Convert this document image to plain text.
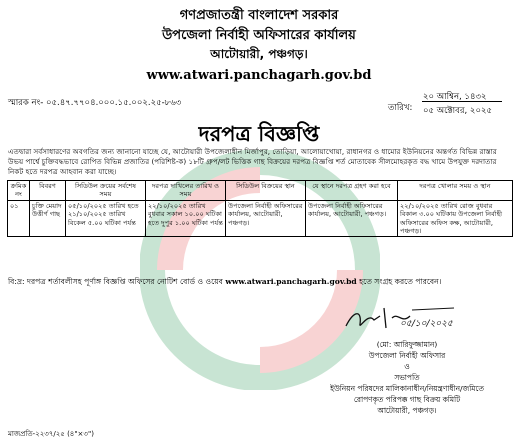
গণপ্রজাতন্ত্রী বাংলাদেশ সরকার
উপজেলা নির্বাহী অফিসারের কার্যালয়
আটোয়ারী, পঞ্চগড়।
www.atwari.panchagarh.gov.bd
স্মারক নং- ০৫.৪৭.৭৭০৪.০০০.১৫.০০২.২৫-৮৬৩	তারিখ:
২০ আশ্বিন, ১৪৩২
০৫ অক্টোবর, ২০২৫
দরপত্র বিজ্ঞপ্তি
এতদ্বারা সর্বসাধারণের অবগতির জন্য জানানো যাচ্ছে যে, আটোয়ারী উপজেলাধীন মির্জাপুর, তোড়িয়া, আলোয়াখোয়া, রাধানগর ও ধামোর ইউনিয়নের অন্তর্গত বিভিন্ন রাস্তার উভয় পার্শ্বে চুক্তিবদ্ধভাবে রোপিত বিভিন্ন প্রজাতির (পরিশিষ্ট-ক) ১৮টি গ্রুপ/লট ভিত্তিক গাছ বিক্রয়ের দরপত্র বিজ্ঞপ্তি শর্ত মোতাবেক সীলমোহরকৃত বদ্ধ খামে উপযুক্ত দরদাতার নিকট হতে দরপত্র আহবান করা যাচ্ছে।
ক্রমিক নং	বিবরণ	সিডিউল ক্রয়ের সর্বশেষ সময়	দরপত্র দাখিলের তারিখ ও সময়	সিডিউল বিক্রয়ের স্থান	যে স্থানে দরপত্র গ্রহণ করা হবে	দরপত্র খোলার সময় ও স্থান
০১	চুক্তি মেয়াদ উত্তীর্ণ গাছ	০৫/১০/২০২৫ তারিখ হতে ২১/১০/২০২৫ তারিখ বিকেল ৫.০০ ঘটিকা পর্যন্ত	২২/১০/২০২৫ তারিখ বুধবার সকাল ১০.০০ ঘটিকা হতে দুপুর ১.০০ ঘটিকা পর্যন্ত	উপজেলা নির্বাহী অফিসারের কার্যালয়, আটোয়ারী, পঞ্চগড়।	উপজেলা নির্বাহী অফিসারের কার্যালয়, আটোয়ারী, পঞ্চগড়।	২২/১০/২০২৫ তারিখ রোজ বুধবার বিকাল ৩.০০ ঘটিকায় উপজেলা নির্বাহী অফিসারের অফিস কক্ষ, আটোয়ারী, পঞ্চগড়।
বি:দ্র: দরপত্র শর্তাবলীসহ পূর্ণাঙ্গ বিজ্ঞপ্তি অফিসের নোটিশ বোর্ড ও ওয়েব www.atwari.panchagarh.gov.bd হতে সংগ্রহ করতে পারবেন।
০৫/১০/২০২৫
(মো: আরিফুজ্জামান)
উপজেলা নির্বাহী অফিসার
ও
সভাপতি
ইউনিয়ন পরিষদের মালিকানাধীন/নিয়ন্ত্রণাধীন/জমিতে
রোপণকৃত পরিপক্ক গাছ বিক্রয় কমিটি
আটোয়ারী, পঞ্চগড়।
মাজপ্রতি-২২৩৭/২৫ (৪"×৩")
